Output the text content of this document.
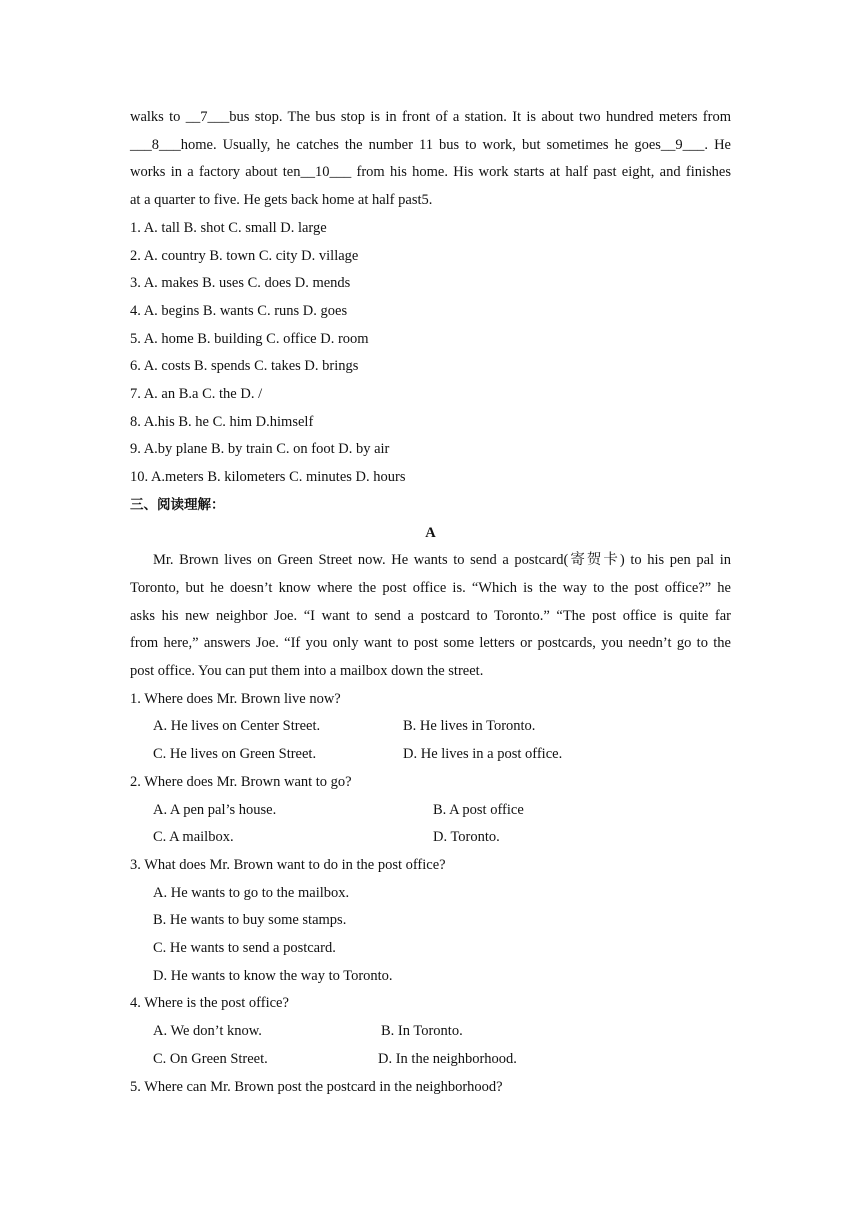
walks to __7___bus stop. The bus stop is in front of a station. It is about two hundred meters from
___8___home. Usually, he catches the number 11 bus to work, but sometimes he goes__9___. He
works in a factory about ten__10___ from his home. His work starts at half past eight, and finishes
at a quarter to five. He gets back home at half past5.
1. A. tall B. shot C. small D. large
2. A. country B. town C. city D. village
3. A. makes B. uses C. does D. mends
4. A. begins B. wants C. runs D. goes
5. A. home B. building C. office D. room
6. A. costs B. spends C. takes D. brings
7. A. an B.a C. the D. /
8. A.his B. he C. him D.himself
9. A.by plane B. by train C. on foot D. by air
10. A.meters B. kilometers C. minutes D. hours
三、阅读理解：
A
Mr. Brown lives on Green Street now. He wants to send a postcard(寄贺卡) to his pen pal in
Toronto, but he doesn’t know where the post office is. “Which is the way to the post office?” he
asks his new neighbor Joe. “I want to send a postcard to Toronto.” “The post office is quite far
from here,” answers Joe. “If you only want to post some letters or postcards, you needn’t go to the
post office. You can put them into a mailbox down the street.
1. Where does Mr. Brown live now?
A. He lives on Center Street.	B. He lives in Toronto.
C. He lives on Green Street.	D. He lives in a post office.
2. Where does Mr. Brown want to go?
A. A pen pal’s house.	B. A post office
C. A mailbox.	D. Toronto.
3. What does Mr. Brown want to do in the post office?
A. He wants to go to the mailbox.
B. He wants to buy some stamps.
C. He wants to send a postcard.
D. He wants to know the way to Toronto.
4. Where is the post office?
A. We don’t know.	B. In Toronto.
C. On Green Street.	D. In the neighborhood.
5. Where can Mr. Brown post the postcard in the neighborhood?
